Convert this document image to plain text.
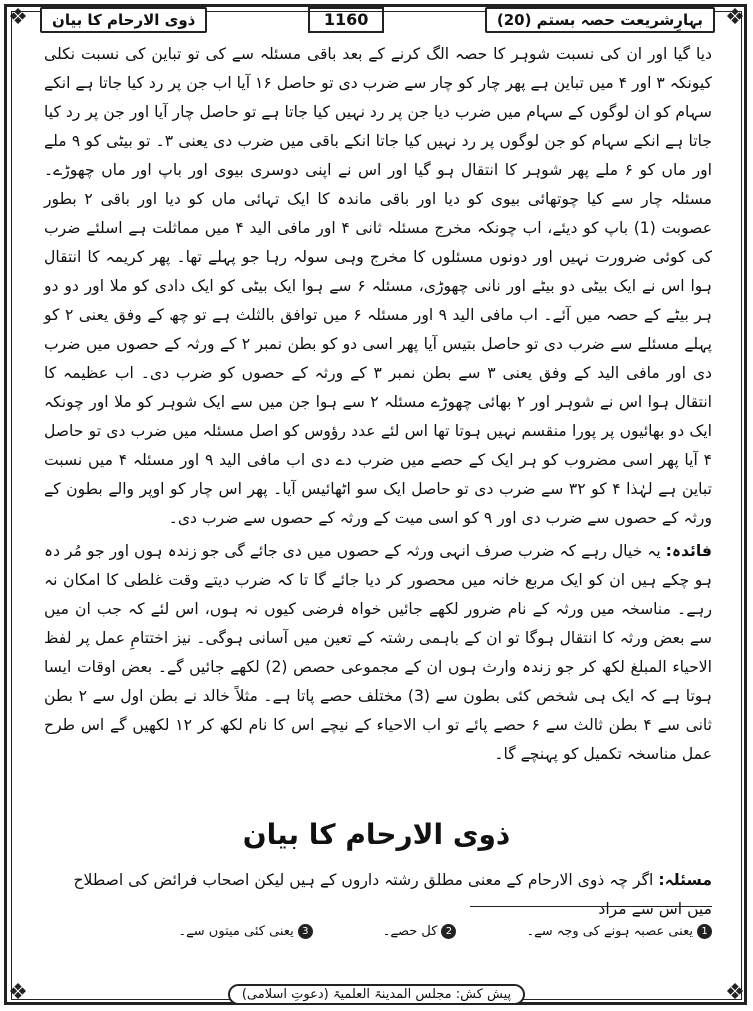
❖	❖
❖	❖
بہارِشریعت حصہ بستم (20)
1160
ذوی الارحام کا بیان

دیا گیا اور ان کی نسبت شوہر کا حصہ الگ کرنے کے بعد باقی مسئلہ سے کی تو تباین کی نسبت نکلی کیونکہ ۳ اور ۴ میں تباین ہے پھر چار کو چار سے ضرب دی تو حاصل ۱۶ آیا اب جن پر رد کیا جاتا ہے انکے سہام کو ان لوگوں کے سہام میں ضرب دیا جن پر رد نہیں کیا جاتا ہے تو حاصل چار آیا اور جن پر رد کیا جاتا ہے انکے سہام کو جن لوگوں پر رد نہیں کیا جاتا انکے باقی میں ضرب دی یعنی ۳۔ تو بیٹی کو ۹ ملے اور ماں کو ۶ ملے پھر شوہر کا انتقال ہو گیا اور اس نے اپنی دوسری بیوی اور باپ اور ماں چھوڑے۔ مسئلہ چار سے کیا چوتھائی بیوی کو دیا اور باقی ماندہ کا ایک تہائی ماں کو دیا اور باقی ۲ بطور عصوبت (1) باپ کو دیئے، اب چونکہ مخرج مسئلہ ثانی ۴ اور مافی الید ۴ میں مماثلت ہے اسلئے ضرب کی کوئی ضرورت نہیں اور دونوں مسئلوں کا مخرج وہی سولہ رہا جو پہلے تھا۔ پھر کریمہ کا انتقال ہوا اس نے ایک بیٹی دو بیٹے اور نانی چھوڑی، مسئلہ ۶ سے ہوا ایک بیٹی کو ایک دادی کو ملا اور دو دو ہر بیٹے کے حصہ میں آئے۔ اب مافی الید ۹ اور مسئلہ ۶ میں توافق بالثلث ہے تو چھ کے وفق یعنی ۲ کو پہلے مسئلے سے ضرب دی تو حاصل بتیس آیا پھر اسی دو کو بطن نمبر ۲ کے ورثہ کے حصوں میں ضرب دی اور مافی الید کے وفق یعنی ۳ سے بطن نمبر ۳ کے ورثہ کے حصوں کو ضرب دی۔ اب عظیمہ کا انتقال ہوا اس نے شوہر اور ۲ بھائی چھوڑے مسئلہ ۲ سے ہوا جن میں سے ایک شوہر کو ملا اور چونکہ ایک دو بھائیوں پر پورا منقسم نہیں ہوتا تھا اس لئے عدد رؤوس کو اصل مسئلہ میں ضرب دی تو حاصل ۴ آیا پھر اسی مضروب کو ہر ایک کے حصے میں ضرب دے دی اب مافی الید ۹ اور مسئلہ ۴ میں نسبت تباین ہے لہٰذا ۴ کو ۳۲ سے ضرب دی تو حاصل ایک سو اٹھائیس آیا۔ پھر اس چار کو اوپر والے بطون کے ورثہ کے حصوں سے ضرب دی اور ۹ کو اسی میت کے ورثہ کے حصوں سے ضرب دی۔

فائدہ: یہ خیال رہے کہ ضرب صرف انہی ورثہ کے حصوں میں دی جائے گی جو زندہ ہوں اور جو مُر دہ ہو چکے ہیں ان کو ایک مربع خانہ میں محصور کر دیا جائے گا تا کہ ضرب دیتے وقت غلطی کا امکان نہ رہے۔ مناسخہ میں ورثہ کے نام ضرور لکھے جائیں خواہ فرضی کیوں نہ ہوں، اس لئے کہ جب ان میں سے بعض ورثہ کا انتقال ہوگا تو ان کے باہمی رشتہ کے تعین میں آسانی ہوگی۔ نیز اختتامِ عمل پر لفظ الاحیاء المبلغ لکھ کر جو زندہ وارث ہوں ان کے مجموعی حصص (2) لکھے جائیں گے۔ بعض اوقات ایسا ہوتا ہے کہ ایک ہی شخص کئی بطون سے (3) مختلف حصے پاتا ہے۔ مثلاً خالد نے بطن اول سے ۲ بطن ثانی سے ۴ بطن ثالث سے ۶ حصے پائے تو اب الاحیاء کے نیچے اس کا نام لکھ کر ۱۲ لکھیں گے اس طرح عمل مناسخہ تکمیل کو پہنچے گا۔

ذوی الارحام کا بیان
مسئلہ: اگر چہ ذوی الارحام کے معنی مطلق رشتہ داروں کے ہیں لیکن اصحاب فرائض کی اصطلاح میں اس سے مراد
1
یعنی عصبہ ہونے کی وجہ سے۔
2
کل حصے۔
3
یعنی کئی میتوں سے۔
پیش کش: مجلس المدینۃ العلمیۃ (دعوتِ اسلامی)
